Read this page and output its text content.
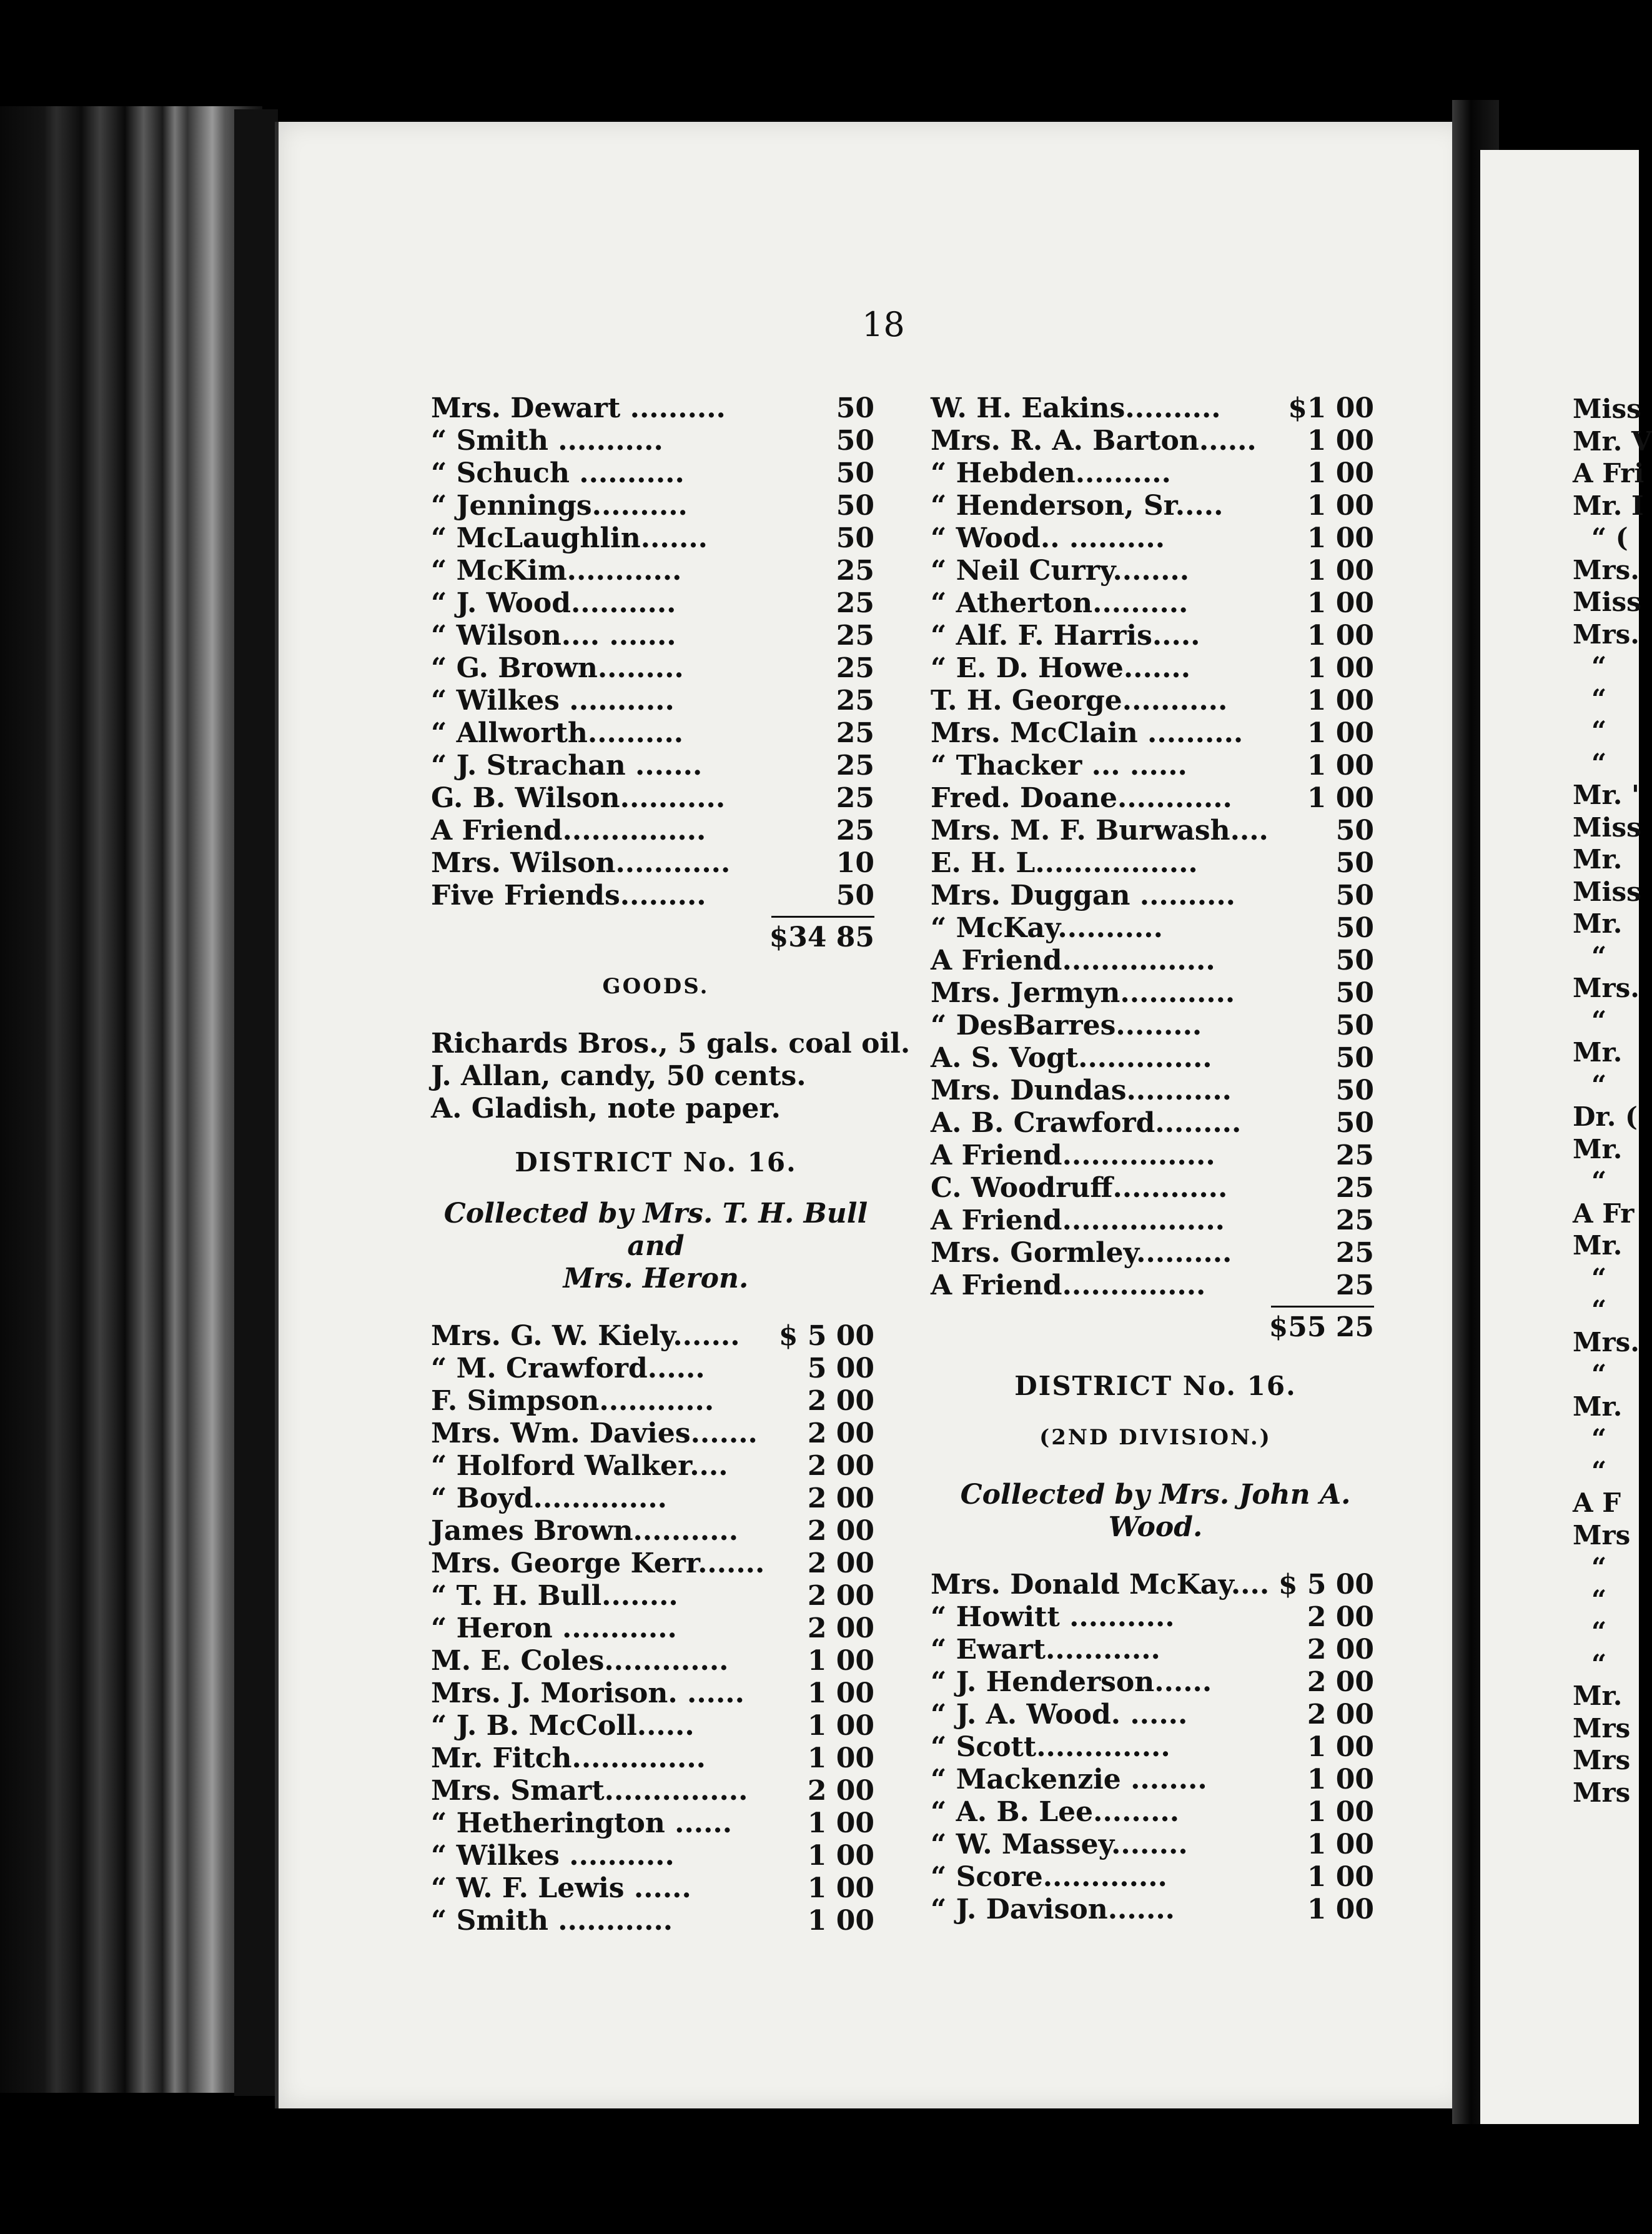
18
Mrs. Dewart ..........	50
“ Smith ...........	50
“ Schuch ...........	50
“ Jennings..........	50
“ McLaughlin.......	50
“ McKim............	25
“ J. Wood...........	25
“ Wilson.... .......	25
“ G. Brown.........	25
“ Wilkes ...........	25
“ Allworth..........	25
“ J. Strachan .......	25
G. B. Wilson...........	25
A Friend...............	25
Mrs. Wilson............	10
Five Friends.........	50
$34 85
GOODS.
Richards Bros., 5 gals. coal oil.
J. Allan, candy, 50 cents.
A. Gladish, note paper.
DISTRICT No. 16.
Collected by Mrs. T. H. Bull and
Mrs. Heron.
Mrs. G. W. Kiely....... $ 5 00
“ M. Crawford......	5 00
F. Simpson............	2 00
Mrs. Wm. Davies....... 2 00
“ Holford Walker....	2 00
“ Boyd..............	2 00
James Brown...........	2 00
Mrs. George Kerr....... 2 00
“ T. H. Bull........	2 00
“ Heron ............	2 00
M. E. Coles.............	1 00
Mrs. J. Morison. ...... 1 00
“ J. B. McColl......	1 00
Mr. Fitch..............	1 00
Mrs. Smart............... 2 00
“ Hetherington ......	1 00
“ Wilkes ...........	1 00
“ W. F. Lewis ......	1 00
“ Smith ............	1 00
W. H. Eakins.......... $1 00
Mrs. R. A. Barton...... 1 00
“ Hebden..........	1 00
“ Henderson, Sr.....	1 00
“ Wood.. ..........	1 00
“ Neil Curry........	1 00
“ Atherton..........	1 00
“ Alf. F. Harris.....	1 00
“ E. D. Howe.......	1 00
T. H. George...........	1 00
Mrs. McClain .......... 1 00
“ Thacker ... ......	1 00
Fred. Doane............	1 00
Mrs. M. F. Burwash.... 50
E. H. L.................	50
Mrs. Duggan ..........	50
“ McKay...........	50
A Friend................	50
Mrs. Jermyn............	50
“ DesBarres.........	50
A. S. Vogt..............	50
Mrs. Dundas...........	50
A. B. Crawford.........	50
A Friend................	25
C. Woodruff............	25
A Friend.................	25
Mrs. Gormley..........	25
A Friend...............	25
$55 25
DISTRICT No. 16.
(2ND DIVISION.)
Collected by Mrs. John A. Wood.
Mrs. Donald McKay.... $ 5 00
“ Howitt ...........	2 00
“ Ewart............	2 00
“ J. Henderson......	2 00
“ J. A. Wood. ......	2 00
“ Scott..............	1 00
“ Mackenzie ........	1 00
“ A. B. Lee.........	1 00
“ W. Massey........	1 00
“ Score.............	1 00
“ J. Davison.......	1 00
Miss
Mr. V
A Fri
Mr. I
“ (
Mrs.
Miss
Mrs.
“
“
“
“
Mr. '
Miss
Mr.
Miss
Mr.
“
Mrs.
“
Mr.
“
Dr. (
Mr.
“
A Fr
Mr.
“
“
Mrs.
“
Mr.
“
“
A F
Mrs
“
“
“
“
Mr.
Mrs
Mrs
Mrs
